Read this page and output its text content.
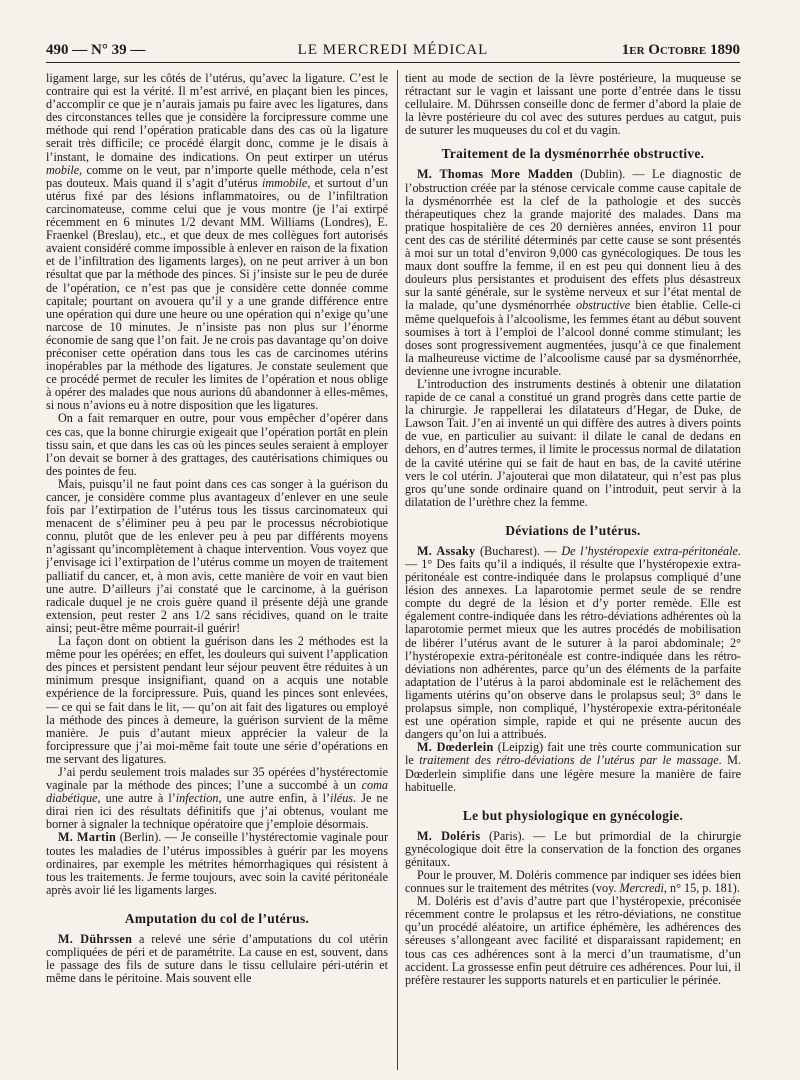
490 — N° 39 —	LE MERCREDI MÉDICAL	1er Octobre 1890

ligament large, sur les côtés de l’utérus, qu’avec la ligature. C’est le contraire qui est la vérité. Il m’est arrivé, en plaçant bien les pinces, d’accomplir ce que je n’aurais jamais pu faire avec les ligatures, dans des circonstances telles que je considère la forcipressure comme une méthode qui rend l’opération praticable dans des cas où la ligature serait très difficile; ce procédé élargit donc, comme je le disais à l’instant, le domaine des indications. On peut extirper un utérus mobile, comme on le veut, par n’importe quelle méthode, cela n’est pas douteux. Mais quand il s’agit d’utérus immobile, et surtout d’un utérus fixé par des lésions inflammatoires, ou de l’infiltration carcinomateuse, comme celui que je vous montre (je l’ai extirpé récemment en 6 minutes 1/2 devant MM. Williams (Londres), E. Fraenkel (Breslau), etc., et que deux de mes collègues fort autorisés avaient considéré comme impossible à enlever en raison de la fixation et de l’infiltration des ligaments larges), on ne peut arriver à un bon résultat que par la méthode des pinces. Si j’insiste sur le peu de durée de l’opération, ce n’est pas que je considère cette donnée comme capitale; pourtant on avouera qu’il y a une grande différence entre une opération qui dure une heure ou une opération qui n’exige qu’une narcose de 10 minutes. Je n’insiste pas non plus sur l’énorme économie de sang que l’on fait. Je ne crois pas davantage qu’on doive préconiser cette opération dans tous les cas de carcinomes utérins inopérables par la méthode des ligatures. Je constate seulement que ce procédé permet de reculer les limites de l’opération et nous oblige à opérer des malades que nous aurions dû abandonner à elles-mêmes, si nous n’avions eu à notre disposition que les ligatures.

On a fait remarquer en outre, pour vous empêcher d’opérer dans ces cas, que la bonne chirurgie exigeait que l’opération portât en plein tissu sain, et que dans les cas où les pinces seules seraient à employer l’on devait se borner à des grattages, des cautérisations chimiques ou des pointes de feu.

Mais, puisqu’il ne faut point dans ces cas songer à la guérison du cancer, je considère comme plus avantageux d’enlever en une seule fois par l’extirpation de l’utérus tous les tissus carcinomateux qui menacent de s’éliminer peu à peu par le processus nécrobiotique connu, plutôt que de les enlever peu à peu par différents moyens n’agissant qu’incomplètement à chaque intervention. Vous voyez que j’envisage ici l’extirpation de l’utérus comme un moyen de traitement palliatif du cancer, et, à mon avis, cette manière de voir en vaut bien une autre. D’ailleurs j’ai constaté que le carcinome, à la guérison radicale duquel je ne crois guère quand il présente déjà une grande extension, peut rester 2 ans 1/2 sans récidives, quand on le traite ainsi; peut-être même pourrait-il guérir!

La façon dont on obtient la guérison dans les 2 méthodes est la même pour les opérées; en effet, les douleurs qui suivent l’application des pinces et persistent pendant leur séjour peuvent être réduites à un minimum presque insignifiant, quand on a acquis une notable expérience de la forcipressure. Puis, quand les pinces sont enlevées, — ce qui se fait dans le lit, — qu’on ait fait des ligatures ou employé la méthode des pinces à demeure, la guérison survient de la même manière. Je puis d’autant mieux apprécier la valeur de la forcipressure que j’ai moi-même fait toute une série d’opérations en me servant des ligatures.

J’ai perdu seulement trois malades sur 35 opérées d’hystérectomie vaginale par la méthode des pinces; l’une a succombé à un coma diabétique, une autre à l’infection, une autre enfin, à l’iléus. Je ne dirai rien ici des résultats définitifs que j’ai obtenus, voulant me borner à signaler la technique opératoire que j’emploie désormais.

M. Martin (Berlin). — Je conseille l’hystérectomie vaginale pour toutes les maladies de l’utérus impossibles à guérir par les moyens ordinaires, par exemple les métrites hémorrhagiques qui résistent à tous les traitements. Je ferme toujours, avec soin la cavité péritonéale après avoir lié les ligaments larges.

Amputation du col de l’utérus.

M. Dührssen a relevé une série d’amputations du col utérin compliquées de péri et de paramétrite. La cause en est, souvent, dans le passage des fils de suture dans le tissu cellulaire péri-utérin et même dans le péritoine. Mais souvent elle

tient au mode de section de la lèvre postérieure, la muqueuse se rétractant sur le vagin et laissant une porte d’entrée dans le tissu cellulaire. M. Dührssen conseille donc de fermer d’abord la plaie de la lèvre postérieure du col avec des sutures perdues au catgut, puis de suturer les muqueuses du col et du vagin.

Traitement de la dysménorrhée obstructive.

M. Thomas More Madden (Dublin). — Le diagnostic de l’obstruction créée par la sténose cervicale comme cause capitale de la dysménorrhée est la clef de la pathologie et des succès thérapeutiques chez la grande majorité des malades. Dans ma pratique hospitalière de ces 20 dernières années, environ 11 pour cent des cas de stérilité déterminés par cette cause se sont présentés à moi sur un total d’environ 9,000 cas gynécologiques. De tous les maux dont souffre la femme, il en est peu qui donnent lieu à des douleurs plus persistantes et produisent des effets plus désastreux sur la santé générale, sur le système nerveux et sur l’état mental de la malade, qu’une dysménorrhée obstructive bien établie. Celle-ci même quelquefois à l’alcoolisme, les femmes étant au début souvent soumises à tort à l’emploi de l’alcool donné comme stimulant; les doses sont progressivement augmentées, jusqu’à ce que finalement la malheureuse victime de l’alcoolisme causé par sa dysménorrhée, devienne une ivrogne incurable.

L’introduction des instruments destinés à obtenir une dilatation rapide de ce canal a constitué un grand progrès dans cette partie de la chirurgie. Je rappellerai les dilatateurs d’Hegar, de Duke, de Lawson Tait. J’en ai inventé un qui diffère des autres à divers points de vue, en particulier au suivant: il dilate le canal de dedans en dehors, en d’autres termes, il limite le processus normal de dilatation de la cavité utérine qui se fait de haut en bas, de la cavité utérine vers le col utérin. J’ajouterai que mon dilatateur, qui n’est pas plus gros qu’une sonde ordinaire quand on l’introduit, peut servir à la dilatation de l’urèthre chez la femme.

Déviations de l’utérus.

M. Assaky (Bucharest). — De l’hystéropexie extra-péritonéale. — 1° Des faits qu’il a indiqués, il résulte que l’hystéropexie extra-péritonéale est contre-indiquée dans le prolapsus compliqué d’une lésion des annexes. La laparotomie permet seule de se rendre compte du degré de la lésion et d’y porter remède. Elle est également contre-indiquée dans les rétro-déviations adhérentes où la laparotomie permet mieux que les autres procédés de mobilisation de libérer l’utérus avant de le suturer à la paroi abdominale; 2° l’hystéropexie extra-péritonéale est contre-indiquée dans les rétro-déviations non adhérentes, parce qu’un des éléments de la parfaite adaptation de l’utérus à la paroi abdominale est le relâchement des ligaments utérins qu’on observe dans le prolapsus seul; 3° dans le prolapsus simple, non compliqué, l’hystéropexie extra-péritonéale est une opération simple, rapide et qui ne présente aucun des dangers qu’on lui a attribués.

M. Dœderlein (Leipzig) fait une très courte communication sur le traitement des rétro-déviations de l’utérus par le massage. M. Dœderlein simplifie dans une légère mesure la manière de faire habituelle.

Le but physiologique en gynécologie.

M. Doléris (Paris). — Le but primordial de la chirurgie gynécologique doit être la conservation de la fonction des organes génitaux.

Pour le prouver, M. Doléris commence par indiquer ses idées bien connues sur le traitement des métrites (voy. Mercredi, n° 15, p. 181).

M. Doléris est d’avis d’autre part que l’hystéropexie, préconisée récemment contre le prolapsus et les rétro-déviations, ne constitue qu’un procédé aléatoire, un artifice éphémère, les adhérences des séreuses s’allongeant avec facilité et disparaissant rapidement; en tous cas ces adhérences sont à la merci d’un traumatisme, d’un accident. La grossesse enfin peut détruire ces adhérences. Pour lui, il préfère restaurer les supports naturels et en particulier le périnée.
